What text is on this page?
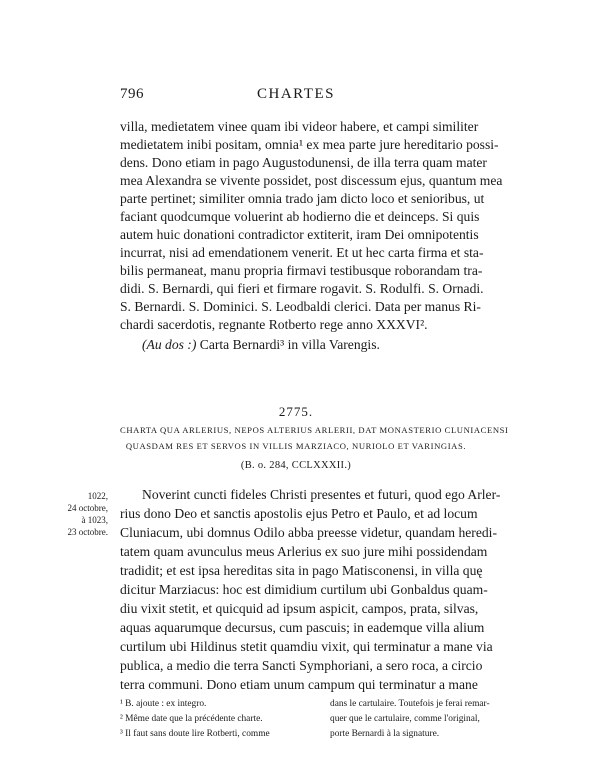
796	CHARTES
villa, medietatem vinee quam ibi videor habere, et campi similiter
medietatem inibi positam, omnia¹ ex mea parte jure hereditario possi-
dens. Dono etiam in pago Augustodunensi, de illa terra quam mater
mea Alexandra se vivente possidet, post discessum ejus, quantum mea
parte pertinet; similiter omnia trado jam dicto loco et senioribus, ut
faciant quodcumque voluerint ab hodierno die et deinceps. Si quis
autem huic donationi contradictor extiterit, iram Dei omnipotentis
incurrat, nisi ad emendationem venerit. Et ut hec carta firma et sta-
bilis permaneat, manu propria firmavi testibusque roborandam tra-
didi. S. Bernardi, qui fieri et firmare rogavit. S. Rodulfi. S. Ornadi.
S. Bernardi. S. Dominici. S. Leodbaldi clerici. Data per manus Ri-
chardi sacerdotis, regnante Rotberto rege anno XXXVI².
(Au dos :) Carta Bernardi³ in villa Varengis.
2775.
CHARTA QUA ARLERIUS, NEPOS ALTERIUS ARLERII, DAT MONASTERIO CLUNIACENSI
QUASDAM RES ET SERVOS IN VILLIS MARZIACO, NURIOLO ET VARINGIAS.
(B. o. 284, CCLXXXII.)
1022,
24 octobre,
à 1023,
23 octobre.
Noverint cuncti fideles Christi presentes et futuri, quod ego Arler-
rius dono Deo et sanctis apostolis ejus Petro et Paulo, et ad locum
Cluniacum, ubi domnus Odilo abba preesse videtur, quandam heredi-
tatem quam avunculus meus Arlerius ex suo jure mihi possidendam
tradidit; et est ipsa hereditas sita in pago Matisconensi, in villa quę
dicitur Marziacus: hoc est dimidium curtilum ubi Gonbaldus quam-
diu vixit stetit, et quicquid ad ipsum aspicit, campos, prata, silvas,
aquas aquarumque decursus, cum pascuis; in eademque villa alium
curtilum ubi Hildinus stetit quamdiu vixit, qui terminatur a mane via
publica, a medio die terra Sancti Symphoriani, a sero roca, a circio
terra communi. Dono etiam unum campum qui terminatur a mane
¹ B. ajoute : ex integro.
² Même date que la précédente charte.
³ Il faut sans doute lire Rotberti, comme
dans le cartulaire. Toutefois je ferai remar-
quer que le cartulaire, comme l'original,
porte Bernardi à la signature.
